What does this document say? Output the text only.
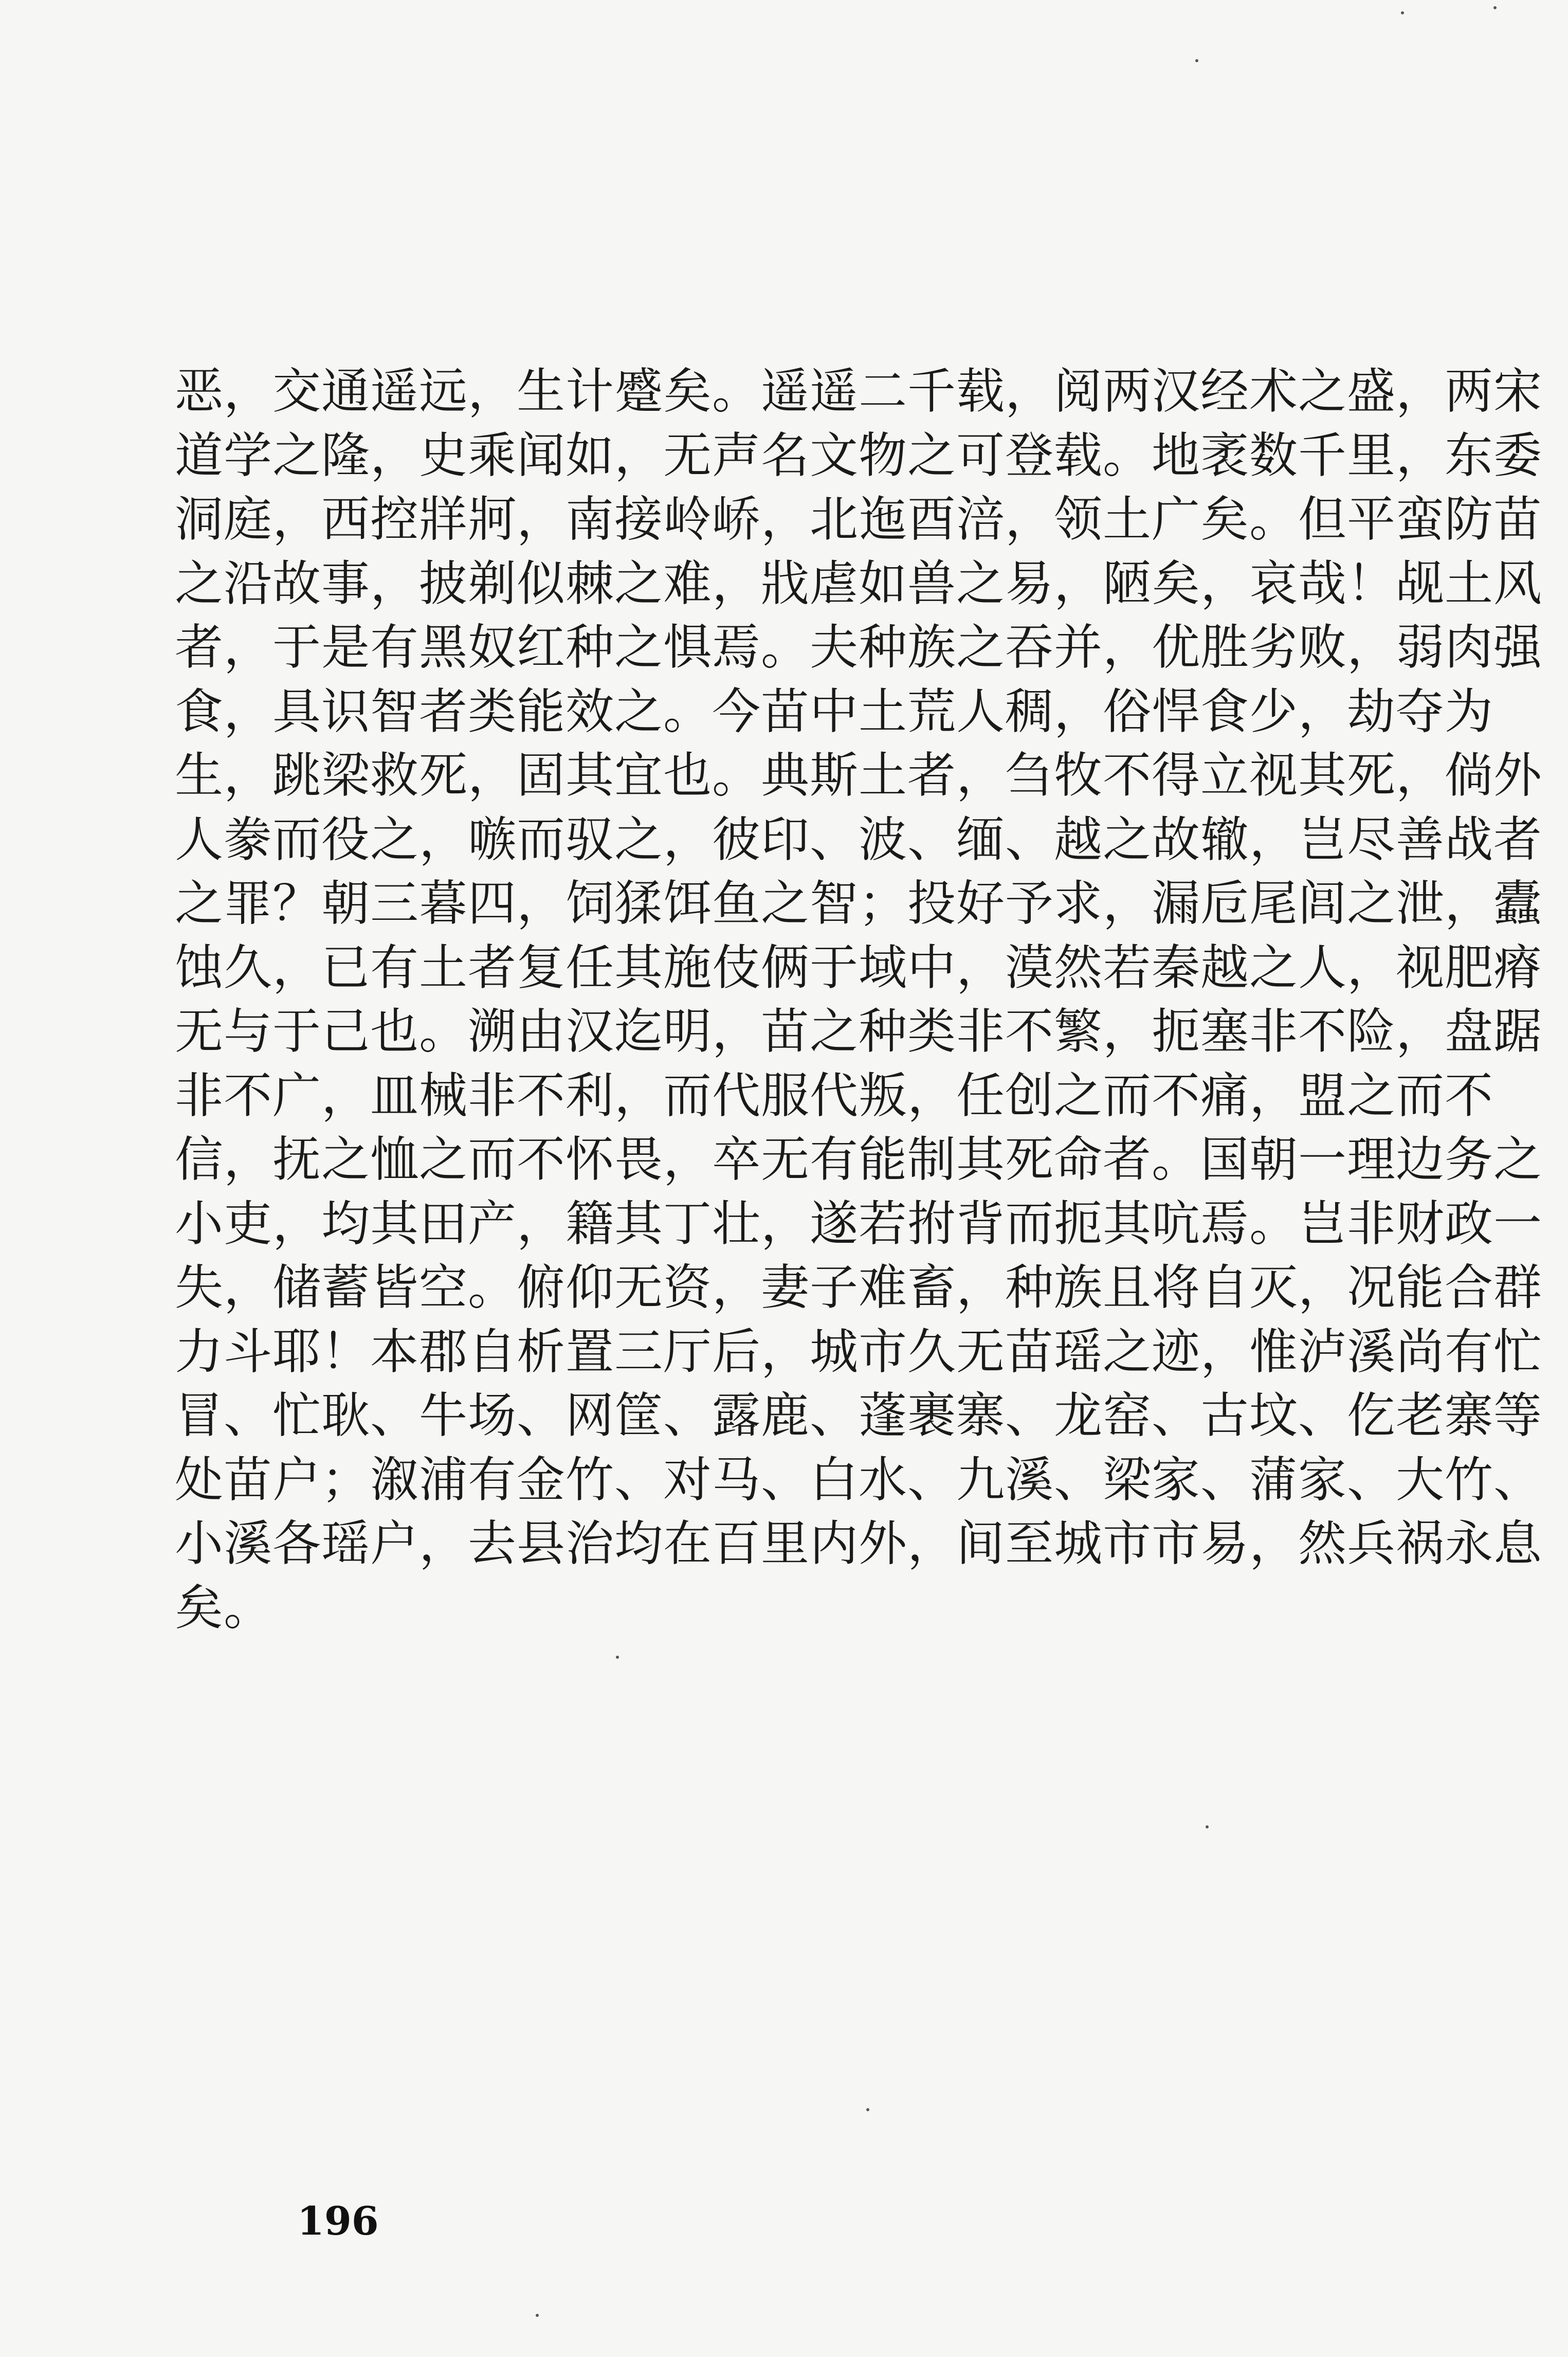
恶，交通遥远，生计蹙矣。遥遥二千载，阅两汉经术之盛，两宋
道学之隆，史乘闻如，无声名文物之可登载。地袤数千里，东委
洞庭，西控牂牁，南接岭峤，北迤酉涪，领土广矣。但平蛮防苗
之沿故事，披剃似棘之难，戕虐如兽之易，陋矣，哀哉！觇土风
者，于是有黑奴红种之惧焉。夫种族之吞并，优胜劣败，弱肉强
食，具识智者类能效之。今苗中土荒人稠，俗悍食少，劫夺为
生，跳梁救死，固其宜也。典斯土者，刍牧不得立视其死，倘外
人豢而役之，嗾而驭之，彼印、波、缅、越之故辙，岂尽善战者
之罪？朝三暮四，饲猱饵鱼之智；投好予求，漏卮尾闾之泄，蠹
蚀久，已有土者复任其施伎俩于域中，漠然若秦越之人，视肥瘠
无与于己也。溯由汉迄明，苗之种类非不繁，扼塞非不险，盘踞
非不广，皿械非不利，而代服代叛，任创之而不痛，盟之而不
信，抚之恤之而不怀畏，卒无有能制其死命者。国朝一理边务之
小吏，均其田产，籍其丁壮，遂若拊背而扼其吭焉。岂非财政一
失，储蓄皆空。俯仰无资，妻子难畜，种族且将自灭，况能合群
力斗耶！本郡自析置三厅后，城市久无苗瑶之迹，惟泸溪尚有忙
冒、忙耿、牛场、网筐、露鹿、蓬裹寨、龙窑、古坟、仡老寨等
处苗户；溆浦有金竹、对马、白水、九溪、梁家、蒲家、大竹、
小溪各瑶户，去县治均在百里内外，间至城市市易，然兵祸永息
矣。
196
